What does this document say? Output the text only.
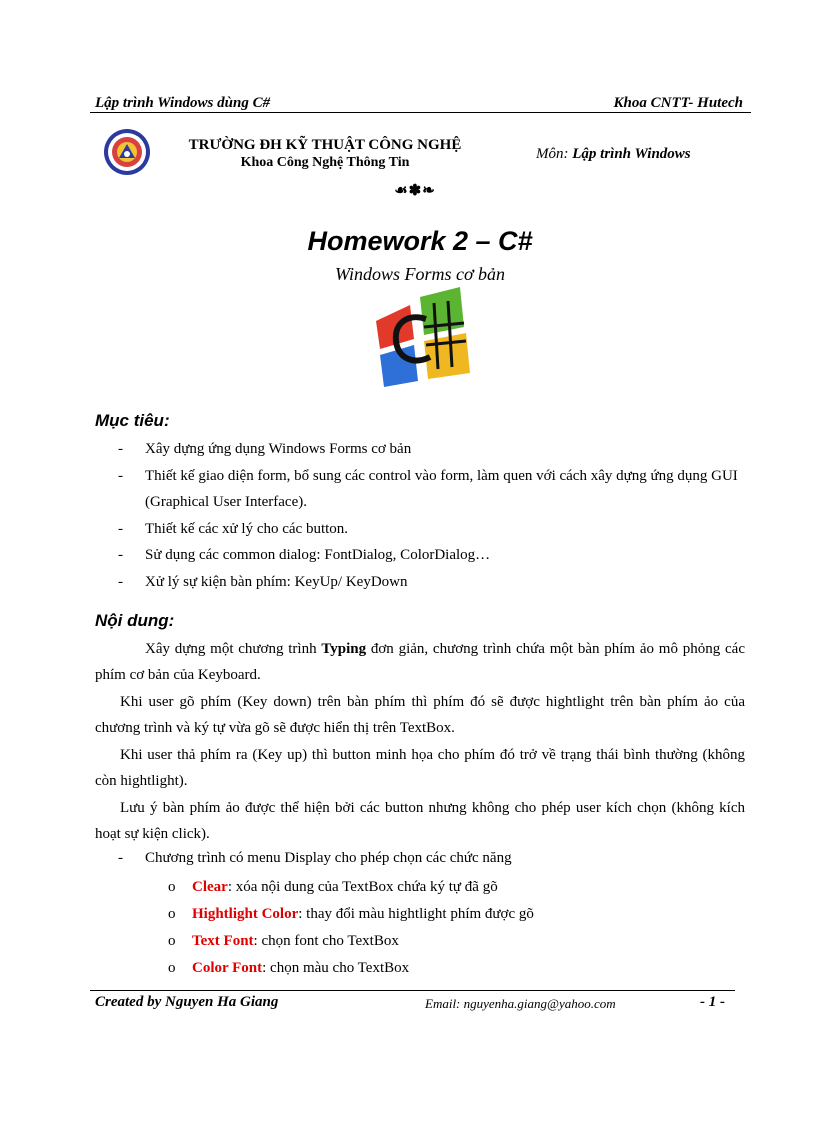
Lập trình Windows dùng C#	Khoa CNTT- Hutech
TRƯỜNG ĐH KỸ THUẬT CÔNG NGHỆ
Khoa Công Nghệ Thông Tin
Môn: Lập trình Windows
☙✽❧
Homework 2 – C#
Windows Forms cơ bản
Mục tiêu:
- Xây dựng ứng dụng Windows Forms cơ bản
- Thiết kế giao diện form, bổ sung các control vào form, làm quen với cách xây dựng ứng dụng GUI (Graphical User Interface).
- Thiết kế các xử lý cho các button.
- Sử dụng các common dialog: FontDialog, ColorDialog…
- Xử lý sự kiện bàn phím: KeyUp/ KeyDown
Nội dung:
Xây dựng một chương trình Typing đơn giản, chương trình chứa một bàn phím ảo mô phỏng các phím cơ bản của Keyboard.
Khi user gõ phím (Key down) trên bàn phím thì phím đó sẽ được hightlight trên bàn phím ảo của chương trình và ký tự vừa gõ sẽ được hiển thị trên TextBox.
Khi user thả phím ra (Key up) thì button minh họa cho phím đó trở về trạng thái bình thường (không còn hightlight).
Lưu ý bàn phím ảo được thể hiện bởi các button nhưng không cho phép user kích chọn (không kích hoạt sự kiện click).
- Chương trình có menu Display cho phép chọn các chức năng
o Clear: xóa nội dung của TextBox chứa ký tự đã gõ
o Hightlight Color: thay đổi màu hightlight phím được gõ
o Text Font: chọn font cho TextBox
o Color Font: chọn màu cho TextBox
Created by Nguyen Ha Giang	Email: nguyenha.giang@yahoo.com	- 1 -
